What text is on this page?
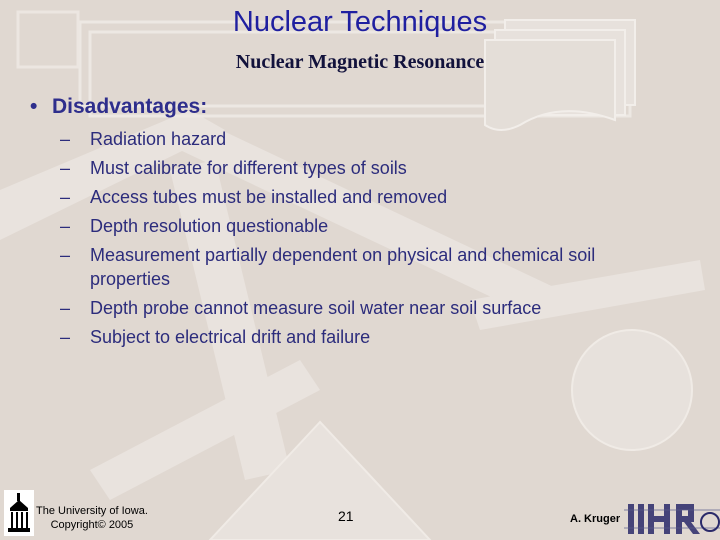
Nuclear Techniques
Nuclear Magnetic Resonance
• Disadvantages:
–	Radiation hazard
–	Must calibrate for different types of soils
–	Access tubes must be installed and removed
–	Depth resolution questionable
–	Measurement partially dependent on physical and chemical soil properties
–	Depth probe cannot measure soil water near soil surface
–	Subject to electrical drift and failure
The University of Iowa.
Copyright© 2005
21	A. Kruger
